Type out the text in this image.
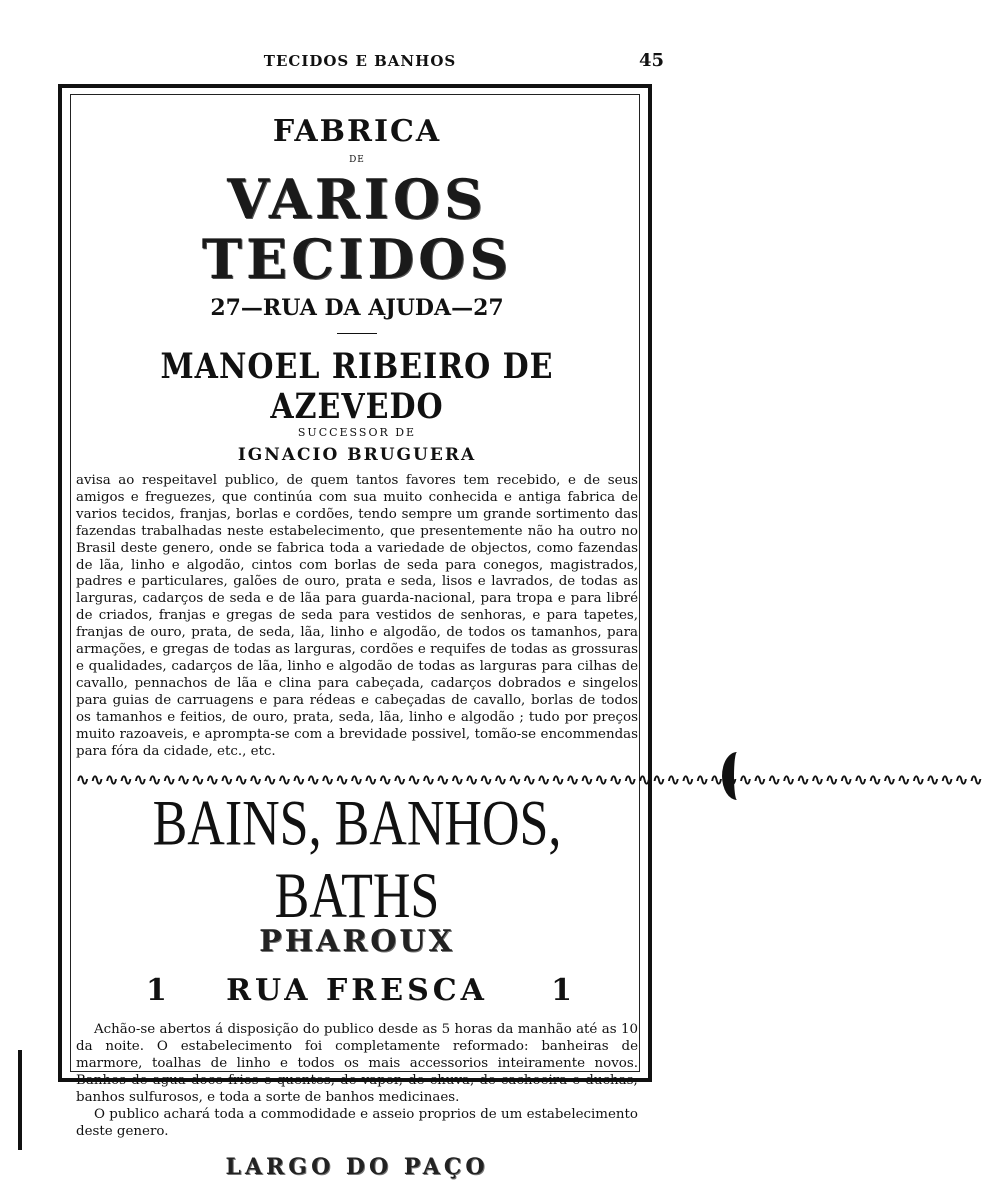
TECIDOS E BANHOS	45
FABRICA
DE
VARIOS TECIDOS
27—RUA DA AJUDA—27
MANOEL RIBEIRO DE AZEVEDO
SUCCESSOR DE
IGNACIO BRUGUERA
avisa ao respeitavel publico, de quem tantos favores tem recebido, e de seus amigos e freguezes, que continúa com sua muito conhecida e antiga fabrica de varios tecidos, franjas, borlas e cordões, tendo sempre um grande sortimento das fazendas trabalhadas neste estabelecimento, que presentemente não ha outro no Brasil deste genero, onde se fabrica toda a variedade de objectos, como fazendas de lãa, linho e algodão, cintos com borlas de seda para conegos, magistrados, padres e particulares, galões de ouro, prata e seda, lisos e lavrados, de todas as larguras, cadarços de seda e de lãa para guarda-nacional, para tropa e para libré de criados, franjas e gregas de seda para vestidos de senhoras, e para tapetes, franjas de ouro, prata, de seda, lãa, linho e algodão, de todos os tamanhos, para armações, e gregas de todas as larguras, cordões e requifes de todas as grossuras e qualidades, cadarços de lãa, linho e algodão de todas as larguras para cilhas de cavallo, pennachos de lãa e clina para cabeçada, cadarços dobrados e singelos para guias de carruagens e para rédeas e cabeçadas de cavallo, borlas de todos os tamanhos e feitios, de ouro, prata, seda, lãa, linho e algodão ; tudo por preços muito razoaveis, e apromptа-se com a brevidade possivel, tomão-se encommendas para fóra da cidade, etc., etc.
∿∿∿∿∿∿∿∿∿∿∿∿∿∿∿∿∿∿∿∿∿∿∿∿∿∿∿∿∿∿∿∿∿∿∿∿∿∿∿∿∿∿∿∿∿∿∿∿∿∿∿∿∿∿∿∿∿∿∿∿∿∿∿
BAINS, BANHOS, BATHS
PHAROUX
1	RUA FRESCA	1

Achão-se abertos á disposição do publico desde as 5 horas da manhão até as 10 da noite. O estabelecimento foi completamente reformado: banheiras de marmore, toalhas de linho e todos os mais accessorios inteiramente novos. Banhos de agua doce frios e quentes, de vapor, de chuva, de cachoeira e duchas; banhos sulfurosos, e toda a sorte de banhos medicinaes.

O publico achará toda a commodidade e asseio proprios de um estabelecimento deste genero.

LARGO DO PAÇO
